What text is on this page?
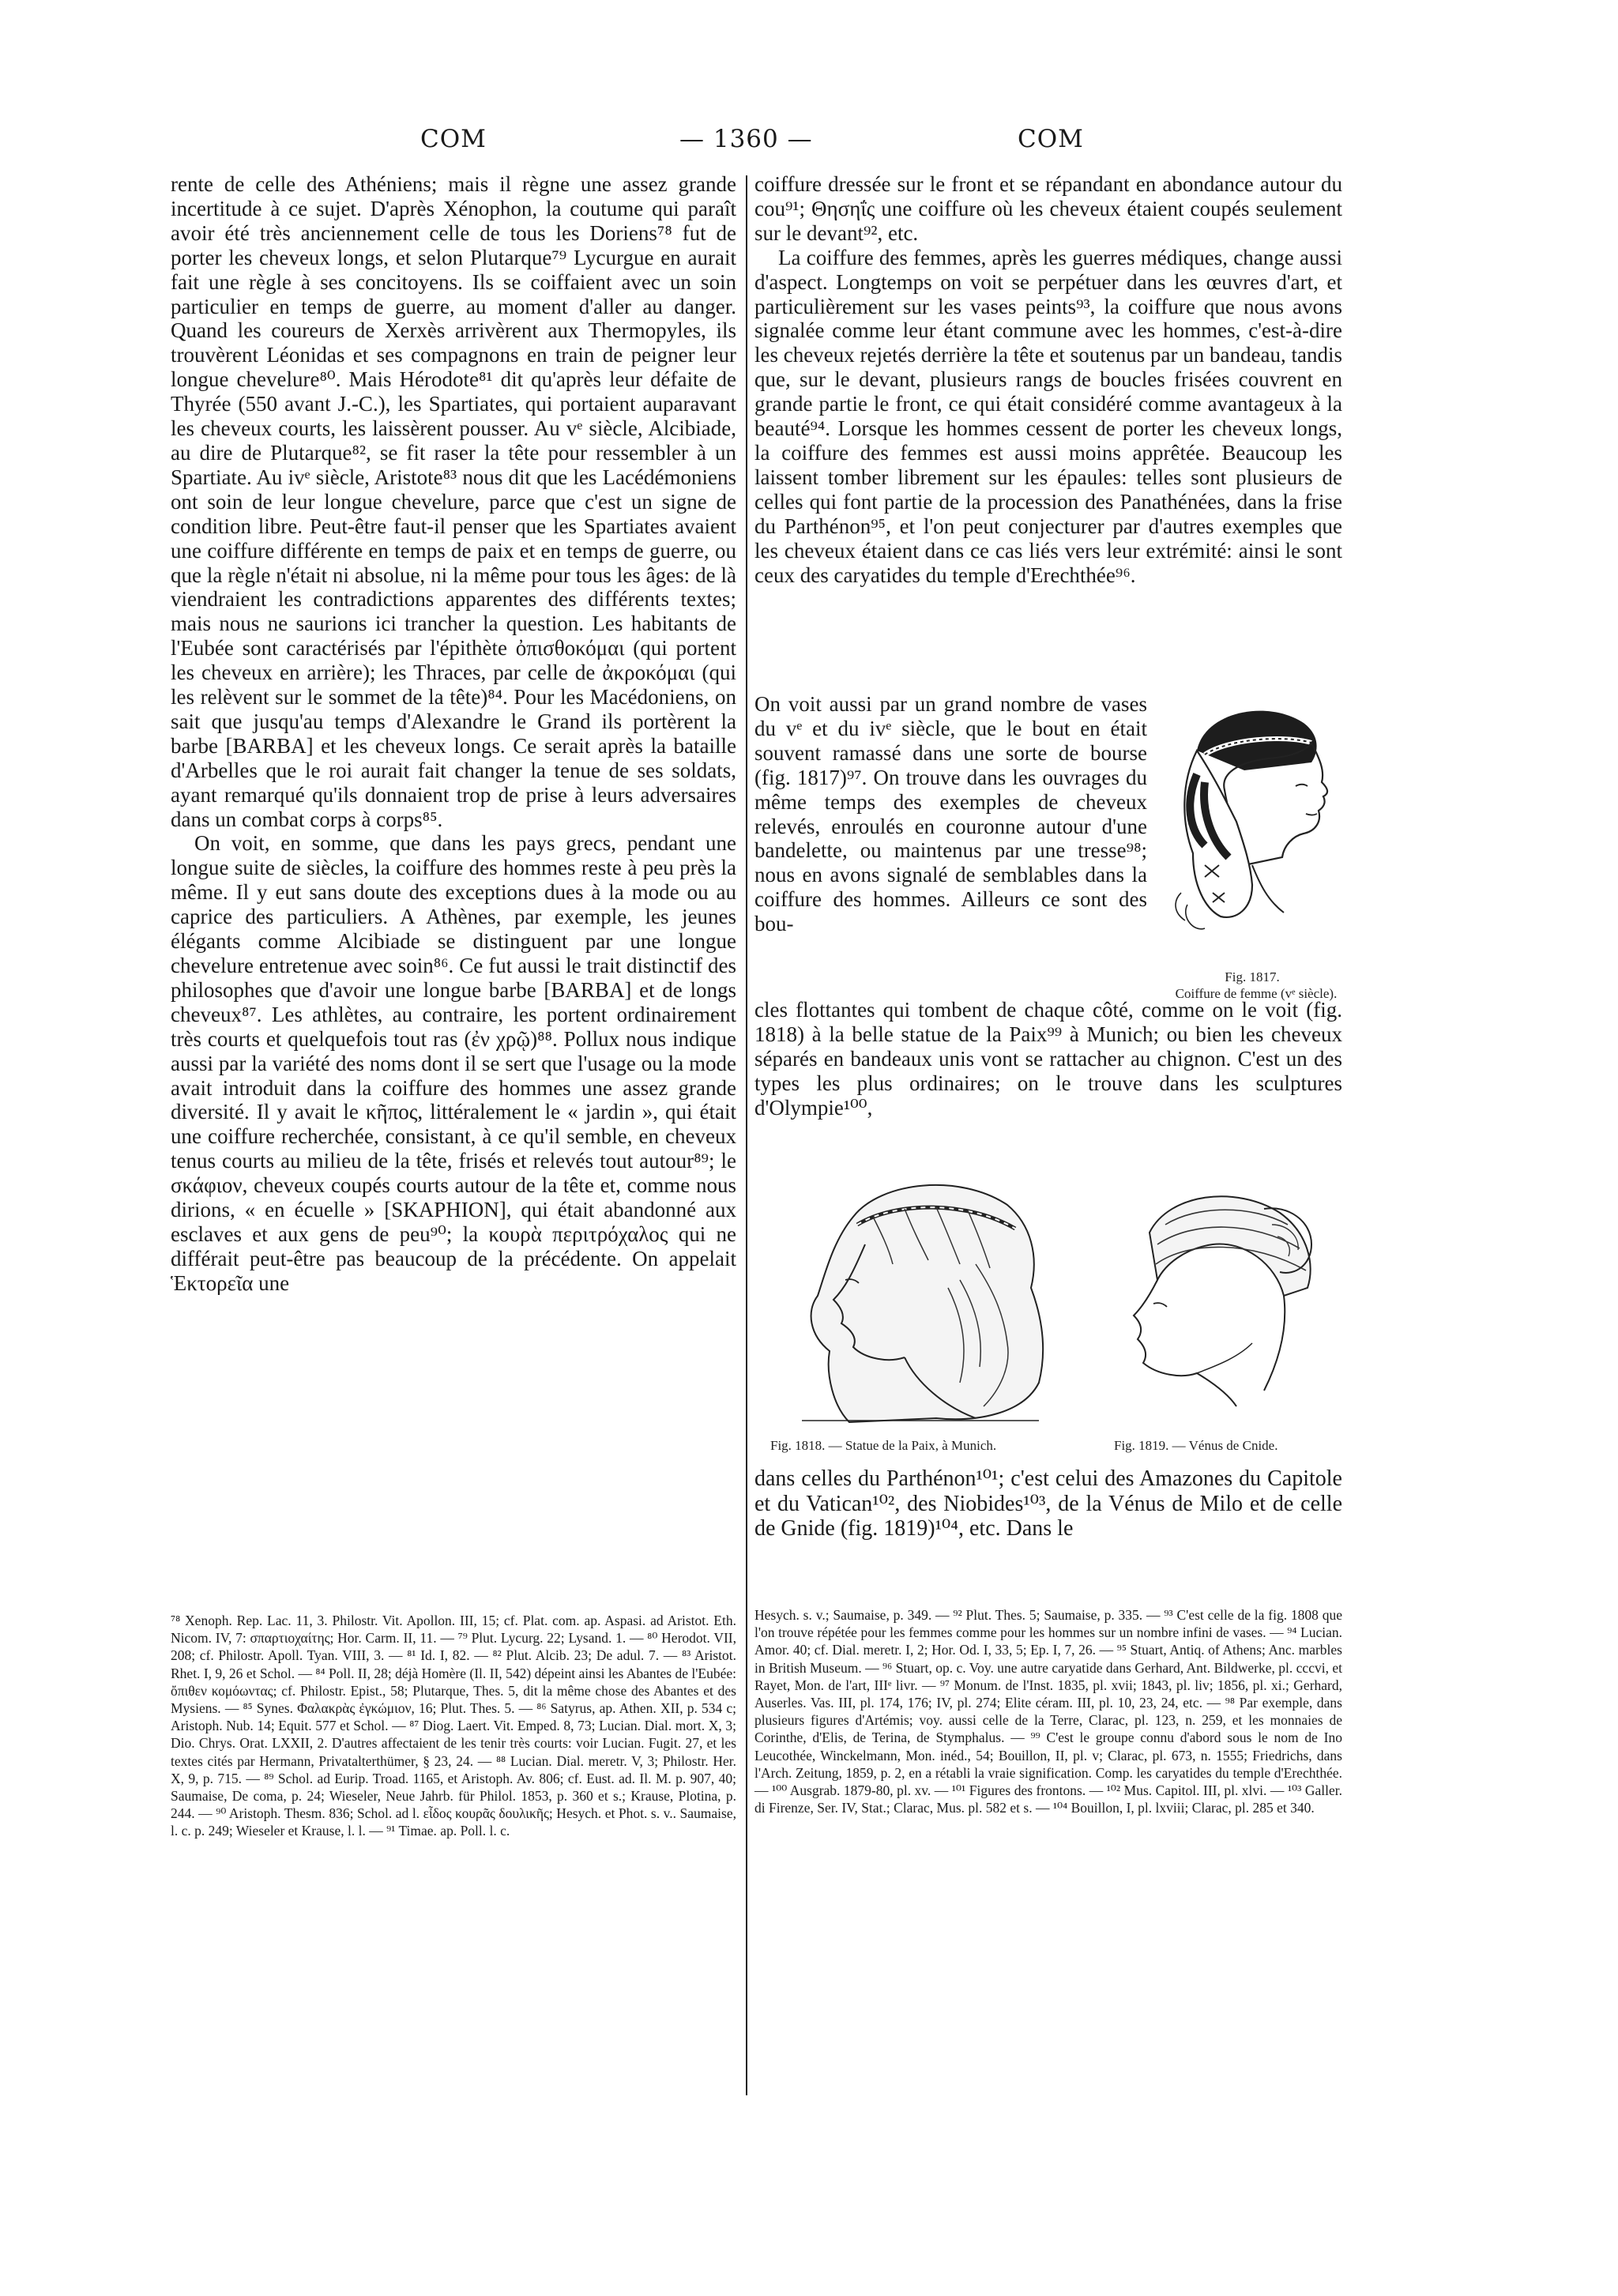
COM	— 1360 —	COM

rente de celle des Athéniens; mais il règne une assez grande incertitude à ce sujet. D'après Xénophon, la coutume qui paraît avoir été très anciennement celle de tous les Doriens⁷⁸ fut de porter les cheveux longs, et selon Plutarque⁷⁹ Lycurgue en aurait fait une règle à ses concitoyens. Ils se coiffaient avec un soin particulier en temps de guerre, au moment d'aller au danger. Quand les coureurs de Xerxès arrivèrent aux Thermopyles, ils trouvèrent Léonidas et ses compagnons en train de peigner leur longue chevelure⁸⁰. Mais Hérodote⁸¹ dit qu'après leur défaite de Thyrée (550 avant J.-C.), les Spartiates, qui portaient auparavant les cheveux courts, les laissèrent pousser. Au vᵉ siècle, Alcibiade, au dire de Plutarque⁸², se fit raser la tête pour ressembler à un Spartiate. Au ivᵉ siècle, Aristote⁸³ nous dit que les Lacédémoniens ont soin de leur longue chevelure, parce que c'est un signe de condition libre. Peut-être faut-il penser que les Spartiates avaient une coiffure différente en temps de paix et en temps de guerre, ou que la règle n'était ni absolue, ni la même pour tous les âges: de là viendraient les contradictions apparentes des différents textes; mais nous ne saurions ici trancher la question. Les habitants de l'Eubée sont caractérisés par l'épithète ὀπισθοκόμαι (qui portent les cheveux en arrière); les Thraces, par celle de ἀκροκόμαι (qui les relèvent sur le sommet de la tête)⁸⁴. Pour les Macédoniens, on sait que jusqu'au temps d'Alexandre le Grand ils portèrent la barbe [BARBA] et les cheveux longs. Ce serait après la bataille d'Arbelles que le roi aurait fait changer la tenue de ses soldats, ayant remarqué qu'ils donnaient trop de prise à leurs adversaires dans un combat corps à corps⁸⁵.

On voit, en somme, que dans les pays grecs, pendant une longue suite de siècles, la coiffure des hommes reste à peu près la même. Il y eut sans doute des exceptions dues à la mode ou au caprice des particuliers. A Athènes, par exemple, les jeunes élégants comme Alcibiade se distinguent par une longue chevelure entretenue avec soin⁸⁶. Ce fut aussi le trait distinctif des philosophes que d'avoir une longue barbe [BARBA] et de longs cheveux⁸⁷. Les athlètes, au contraire, les portent ordinairement très courts et quelquefois tout ras (ἐν χρῷ)⁸⁸. Pollux nous indique aussi par la variété des noms dont il se sert que l'usage ou la mode avait introduit dans la coiffure des hommes une assez grande diversité. Il y avait le κῆπος, littéralement le « jardin », qui était une coiffure recherchée, consistant, à ce qu'il semble, en cheveux tenus courts au milieu de la tête, frisés et relevés tout autour⁸⁹; le σκάφιον, cheveux coupés courts autour de la tête et, comme nous dirions, « en écuelle » [SKAPHION], qui était abandonné aux esclaves et aux gens de peu⁹⁰; la κουρὰ περιτρόχαλος qui ne différait peut-être pas beaucoup de la précédente. On appelait Ἑκτορεῖα une

coiffure dressée sur le front et se répandant en abondance autour du cou⁹¹; Θησηΐς une coiffure où les cheveux étaient coupés seulement sur le devant⁹², etc.

La coiffure des femmes, après les guerres médiques, change aussi d'aspect. Longtemps on voit se perpétuer dans les œuvres d'art, et particulièrement sur les vases peints⁹³, la coiffure que nous avons signalée comme leur étant commune avec les hommes, c'est-à-dire les cheveux rejetés derrière la tête et soutenus par un bandeau, tandis que, sur le devant, plusieurs rangs de boucles frisées couvrent en grande partie le front, ce qui était considéré comme avantageux à la beauté⁹⁴. Lorsque les hommes cessent de porter les cheveux longs, la coiffure des femmes est aussi moins apprêtée. Beaucoup les laissent tomber librement sur les épaules: telles sont plusieurs de celles qui font partie de la procession des Panathénées, dans la frise du Parthénon⁹⁵, et l'on peut conjecturer par d'autres exemples que les cheveux étaient dans ce cas liés vers leur extrémité: ainsi le sont ceux des caryatides du temple d'Erechthée⁹⁶.

On voit aussi par un grand nombre de vases du vᵉ et du ivᵉ siècle, que le bout en était souvent ramassé dans une sorte de bourse (fig. 1817)⁹⁷. On trouve dans les ouvrages du même temps des exemples de cheveux relevés, enroulés en couronne autour d'une bandelette, ou maintenus par une tresse⁹⁸; nous en avons signalé de semblables dans la coiffure des hommes. Ailleurs ce sont des bou-

Fig. 1817.
Coiffure de femme (vᵉ siècle).

cles flottantes qui tombent de chaque côté, comme on le voit (fig. 1818) à la belle statue de la Paix⁹⁹ à Munich; ou bien les cheveux séparés en bandeaux unis vont se rattacher au chignon. C'est un des types les plus ordinaires; on le trouve dans les sculptures d'Olympie¹⁰⁰,

Fig. 1818. — Statue de la Paix, à Munich.	Fig. 1819. — Vénus de Cnide.

dans celles du Parthénon¹⁰¹; c'est celui des Amazones du Capitole et du Vatican¹⁰², des Niobides¹⁰³, de la Vénus de Milo et de celle de Gnide (fig. 1819)¹⁰⁴, etc. Dans le

⁷⁸ Xenoph. Rep. Lac. 11, 3. Philostr. Vit. Apollon. III, 15; cf. Plat. com. ap. Aspasi. ad Aristot. Eth. Nicom. IV, 7: σπαρτιοχαίτης; Hor. Carm. II, 11. — ⁷⁹ Plut. Lycurg. 22; Lysand. 1. — ⁸⁰ Herodot. VII, 208; cf. Philostr. Apoll. Tyan. VIII, 3. — ⁸¹ Id. I, 82. — ⁸² Plut. Alcib. 23; De adul. 7. — ⁸³ Aristot. Rhet. I, 9, 26 et Schol. — ⁸⁴ Poll. II, 28; déjà Homère (Il. II, 542) dépeint ainsi les Abantes de l'Eubée: ὄπιθεν κομόωντας; cf. Philostr. Epist., 58; Plutarque, Thes. 5, dit la même chose des Abantes et des Mysiens. — ⁸⁵ Synes. Φαλακρὰς ἐγκώμιον, 16; Plut. Thes. 5. — ⁸⁶ Satyrus, ap. Athen. XII, p. 534 c; Aristoph. Nub. 14; Equit. 577 et Schol. — ⁸⁷ Diog. Laert. Vit. Emped. 8, 73; Lucian. Dial. mort. X, 3; Dio. Chrys. Orat. LXXII, 2. D'autres affectaient de les tenir très courts: voir Lucian. Fugit. 27, et les textes cités par Hermann, Privatalterthümer, § 23, 24. — ⁸⁸ Lucian. Dial. meretr. V, 3; Philostr. Her. X, 9, p. 715. — ⁸⁹ Schol. ad Eurip. Troad. 1165, et Aristoph. Av. 806; cf. Eust. ad. Il. M. p. 907, 40; Saumaise, De coma, p. 24; Wieseler, Neue Jahrb. für Philol. 1853, p. 360 et s.; Krause, Plotina, p. 244. — ⁹⁰ Aristoph. Thesm. 836; Schol. ad l. εἶδος κουρᾶς δουλικῆς; Hesych. et Phot. s. v.. Saumaise, l. c. p. 249; Wieseler et Krause, l. l. — ⁹¹ Timae. ap. Poll. l. c.

Hesych. s. v.; Saumaise, p. 349. — ⁹² Plut. Thes. 5; Saumaise, p. 335. — ⁹³ C'est celle de la fig. 1808 que l'on trouve répétée pour les femmes comme pour les hommes sur un nombre infini de vases. — ⁹⁴ Lucian. Amor. 40; cf. Dial. meretr. I, 2; Hor. Od. I, 33, 5; Ep. I, 7, 26. — ⁹⁵ Stuart, Antiq. of Athens; Anc. marbles in British Museum. — ⁹⁶ Stuart, op. c. Voy. une autre caryatide dans Gerhard, Ant. Bildwerke, pl. cccvi, et Rayet, Mon. de l'art, IIIᵉ livr. — ⁹⁷ Monum. de l'Inst. 1835, pl. xvii; 1843, pl. liv; 1856, pl. xi.; Gerhard, Auserles. Vas. III, pl. 174, 176; IV, pl. 274; Elite céram. III, pl. 10, 23, 24, etc. — ⁹⁸ Par exemple, dans plusieurs figures d'Artémis; voy. aussi celle de la Terre, Clarac, pl. 123, n. 259, et les monnaies de Corinthe, d'Elis, de Terina, de Stymphalus. — ⁹⁹ C'est le groupe connu d'abord sous le nom de Ino Leucothée, Winckelmann, Mon. inéd., 54; Bouillon, II, pl. v; Clarac, pl. 673, n. 1555; Friedrichs, dans l'Arch. Zeitung, 1859, p. 2, en a rétabli la vraie signification. Comp. les caryatides du temple d'Erechthée. — ¹⁰⁰ Ausgrab. 1879-80, pl. xv. — ¹⁰¹ Figures des frontons. — ¹⁰² Mus. Capitol. III, pl. xlvi. — ¹⁰³ Galler. di Firenze, Ser. IV, Stat.; Clarac, Mus. pl. 582 et s. — ¹⁰⁴ Bouillon, I, pl. lxviii; Clarac, pl. 285 et 340.
